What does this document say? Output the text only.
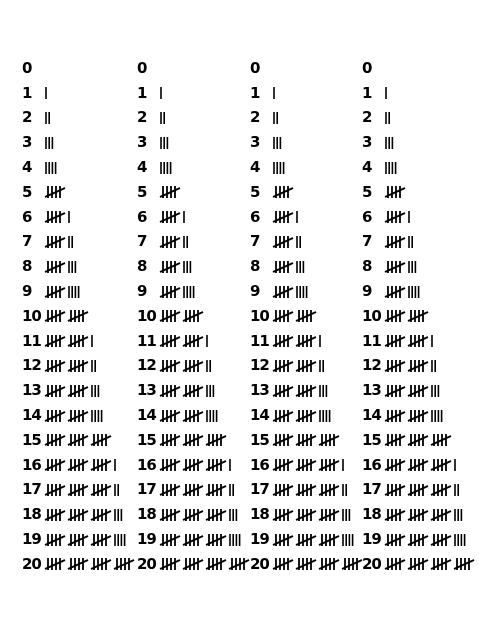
0
1
2
3
4
5
6
7
8
9
10
11
12
13
14
15
16
17
18
19
20
0
1
2
3
4
5
6
7
8
9
10
11
12
13
14
15
16
17
18
19
20
0
1
2
3
4
5
6
7
8
9
10
11
12
13
14
15
16
17
18
19
20
0
1
2
3
4
5
6
7
8
9
10
11
12
13
14
15
16
17
18
19
20
